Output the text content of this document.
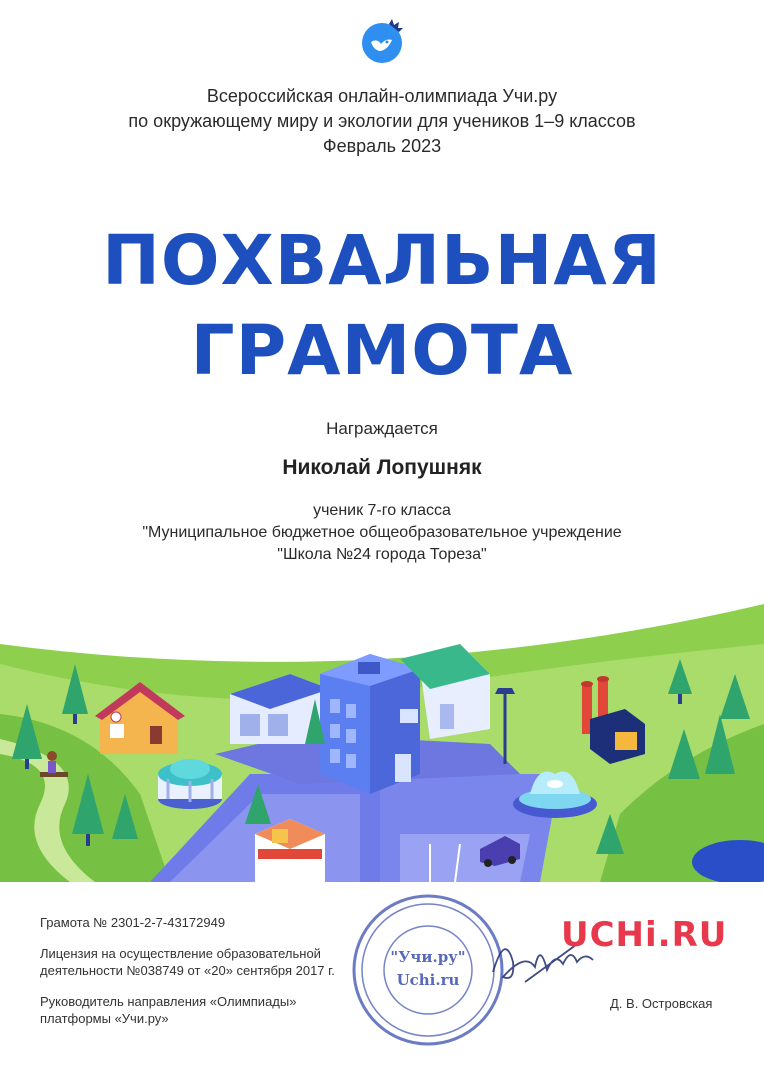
Всероссийская онлайн-олимпиада Учи.ру
по окружающему миру и экологии для учеников 1–9 классов
Февраль 2023
ПОХВАЛЬНАЯ
ГРАМОТА
Награждается
Николай Лопушняк
ученик 7-го класса
"Муниципальное бюджетное общеобразовательное учреждение
"Школа №24 города Тореза"

Грамота № 2301-2-7-43172949

Лицензия на осуществление образовательной
деятельности №038749 от «20» сентября 2017 г.

Руководитель направления «Олимпиады»
платформы «Учи.ру»

"Учи.ру"
Uchi.ru
UCHi.RU
Д. В. Островская
